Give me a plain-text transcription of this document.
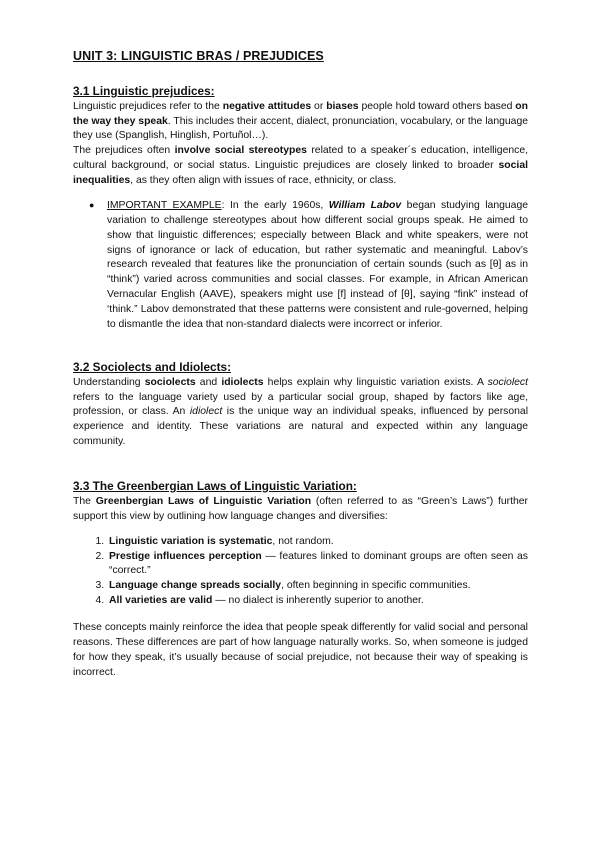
UNIT 3: LINGUISTIC BRAS / PREJUDICES
3.1 Linguistic prejudices:

Linguistic prejudices refer to the negative attitudes or biases people hold toward others based on the way they speak. This includes their accent, dialect, pronunciation, vocabulary, or the language they use (Spanglish, Hinglish, Portuñol…).

The prejudices often involve social stereotypes related to a speaker´s education, intelligence, cultural background, or social status. Linguistic prejudices are closely linked to broader social inequalities, as they often align with issues of race, ethnicity, or class.

● IMPORTANT EXAMPLE: In the early 1960s, William Labov began studying language variation to challenge stereotypes about how different social groups speak. He aimed to show that linguistic differences; especially between Black and white speakers, were not signs of ignorance or lack of education, but rather systematic and meaningful. Labov’s research revealed that features like the pronunciation of certain sounds (such as [θ] as in “think”) varied across communities and social classes. For example, in African American Vernacular English (AAVE), speakers might use [f] instead of [θ], saying “fink” instead of ‘think.” Labov demonstrated that these patterns were consistent and rule-governed, helping to dismantle the idea that non-standard dialects were incorrect or inferior.
3.2 Sociolects and Idiolects:

Understanding sociolects and idiolects helps explain why linguistic variation exists. A sociolect refers to the language variety used by a particular social group, shaped by factors like age, profession, or class. An idiolect is the unique way an individual speaks, influenced by personal experience and identity. These variations are natural and expected within any language community.

3.3 The Greenbergian Laws of Linguistic Variation:

The Greenbergian Laws of Linguistic Variation (often referred to as “Green’s Laws”) further support this view by outlining how language changes and diversifies:

1. Linguistic variation is systematic, not random.
2. Prestige influences perception — features linked to dominant groups are often seen as “correct.”
3. Language change spreads socially, often beginning in specific communities.
4. All varieties are valid — no dialect is inherently superior to another.

These concepts mainly reinforce the idea that people speak differently for valid social and personal reasons. These differences are part of how language naturally works. So, when someone is judged for how they speak, it’s usually because of social prejudice, not because their way of speaking is incorrect.
